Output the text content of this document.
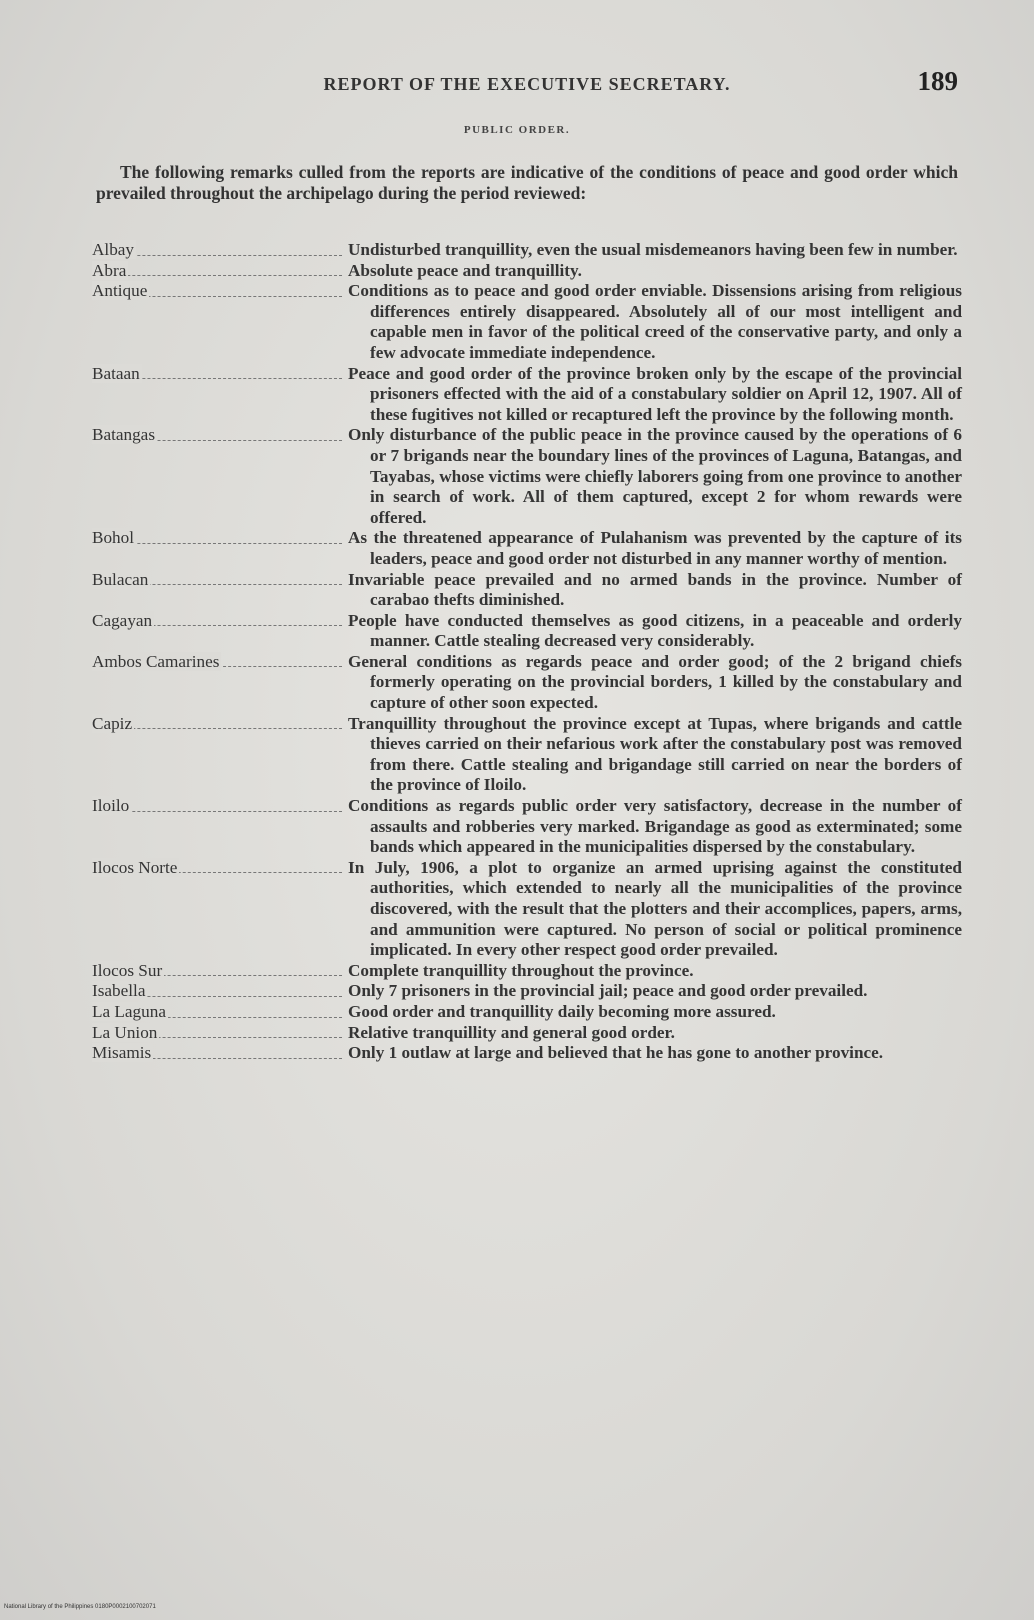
REPORT OF THE EXECUTIVE SECRETARY.	189
PUBLIC ORDER.
The following remarks culled from the reports are indicative of the conditions of peace and good order which prevailed throughout the archipelago during the period reviewed:
Albay	Undisturbed tranquillity, even the usual misdemeanors having been few in number.
Abra	Absolute peace and tranquillity.
Antique	Conditions as to peace and good order enviable. Dissensions arising from religious differences entirely disappeared. Absolutely all of our most intelligent and capable men in favor of the political creed of the conservative party, and only a few advocate immediate independence.
Bataan	Peace and good order of the province broken only by the escape of the provincial prisoners effected with the aid of a constabulary soldier on April 12, 1907. All of these fugitives not killed or recaptured left the province by the following month.
Batangas	Only disturbance of the public peace in the province caused by the operations of 6 or 7 brigands near the boundary lines of the provinces of Laguna, Batangas, and Tayabas, whose victims were chiefly laborers going from one province to another in search of work. All of them captured, except 2 for whom rewards were offered.
Bohol	As the threatened appearance of Pulahanism was prevented by the capture of its leaders, peace and good order not disturbed in any manner worthy of mention.
Bulacan	Invariable peace prevailed and no armed bands in the province. Number of carabao thefts diminished.
Cagayan	People have conducted themselves as good citizens, in a peaceable and orderly manner. Cattle stealing decreased very considerably.
Ambos Camarines	General conditions as regards peace and order good; of the 2 brigand chiefs formerly operating on the provincial borders, 1 killed by the constabulary and capture of other soon expected.
Capiz	Tranquillity throughout the province except at Tupas, where brigands and cattle thieves carried on their nefarious work after the constabulary post was removed from there. Cattle stealing and brigandage still carried on near the borders of the province of Iloilo.
Iloilo	Conditions as regards public order very satisfactory, decrease in the number of assaults and robberies very marked. Brigandage as good as exterminated; some bands which appeared in the municipalities dispersed by the constabulary.
Ilocos Norte	In July, 1906, a plot to organize an armed uprising against the constituted authorities, which extended to nearly all the municipalities of the province discovered, with the result that the plotters and their accomplices, papers, arms, and ammunition were captured. No person of social or political prominence implicated. In every other respect good order prevailed.
Ilocos Sur	Complete tranquillity throughout the province.
Isabella	Only 7 prisoners in the provincial jail; peace and good order prevailed.
La Laguna	Good order and tranquillity daily becoming more assured.
La Union	Relative tranquillity and general good order.
Misamis	Only 1 outlaw at large and believed that he has gone to another province.
National Library of the Philippines 0180P0002100702071
